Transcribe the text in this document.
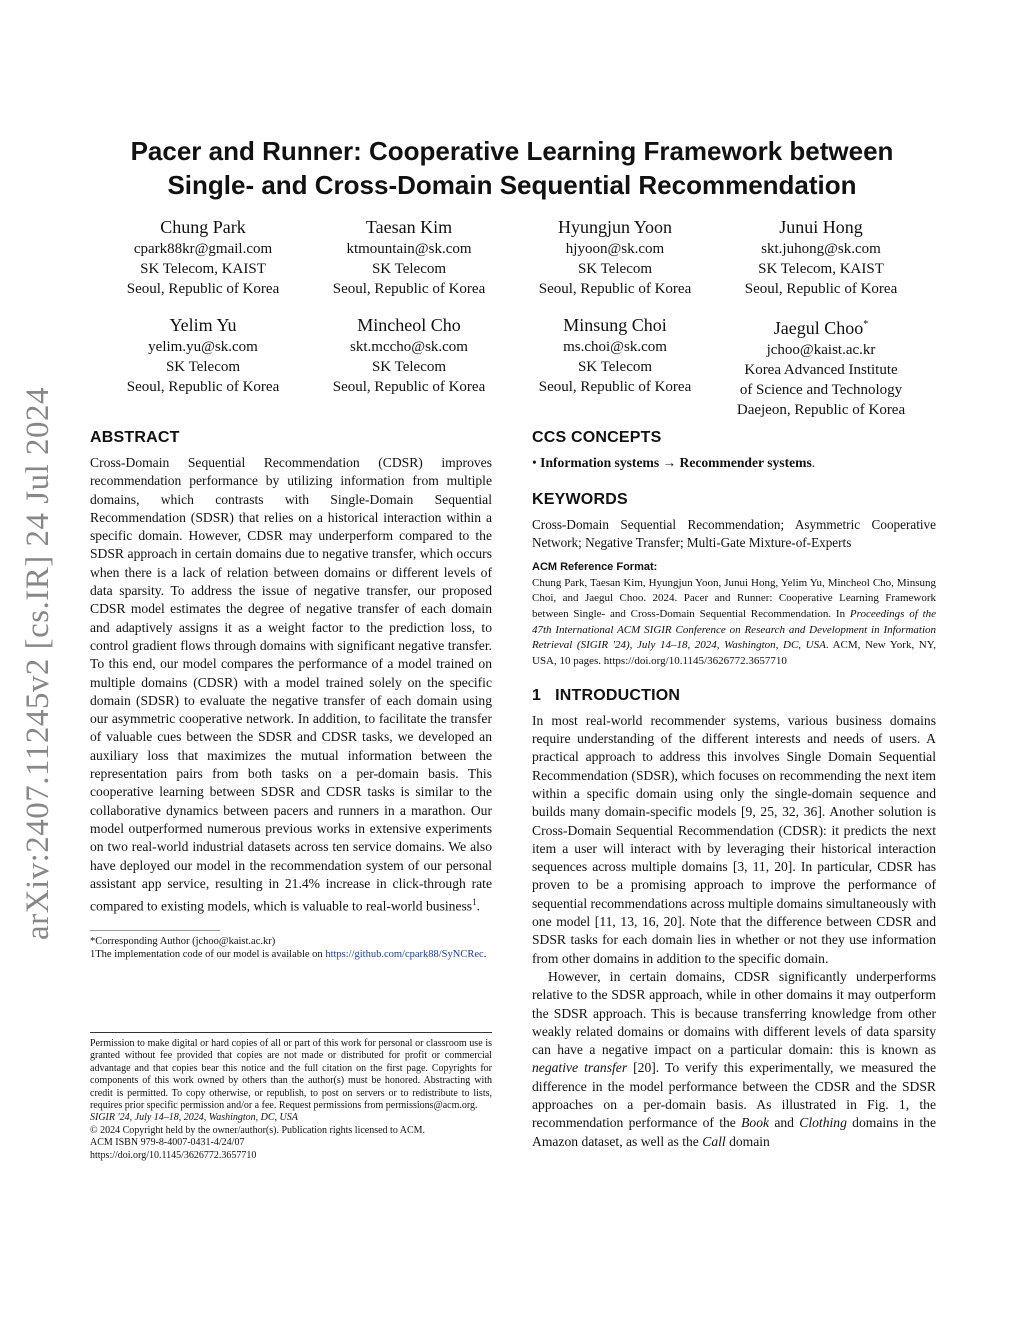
arXiv:2407.11245v2 [cs.IR] 24 Jul 2024
Pacer and Runner: Cooperative Learning Framework between
Single- and Cross-Domain Sequential Recommendation
Chung Park
cpark88kr@gmail.com
SK Telecom, KAIST
Seoul, Republic of Korea
Taesan Kim
ktmountain@sk.com
SK Telecom
Seoul, Republic of Korea
Hyungjun Yoon
hjyoon@sk.com
SK Telecom
Seoul, Republic of Korea
Junui Hong
skt.juhong@sk.com
SK Telecom, KAIST
Seoul, Republic of Korea
Yelim Yu
yelim.yu@sk.com
SK Telecom
Seoul, Republic of Korea
Mincheol Cho
skt.mccho@sk.com
SK Telecom
Seoul, Republic of Korea
Minsung Choi
ms.choi@sk.com
SK Telecom
Seoul, Republic of Korea
Jaegul Choo*
jchoo@kaist.ac.kr
Korea Advanced Institute
of Science and Technology
Daejeon, Republic of Korea
ABSTRACT

Cross-Domain Sequential Recommendation (CDSR) improves recommendation performance by utilizing information from multiple domains, which contrasts with Single-Domain Sequential Recommendation (SDSR) that relies on a historical interaction within a specific domain. However, CDSR may underperform compared to the SDSR approach in certain domains due to negative transfer, which occurs when there is a lack of relation between domains or different levels of data sparsity. To address the issue of negative transfer, our proposed CDSR model estimates the degree of negative transfer of each domain and adaptively assigns it as a weight factor to the prediction loss, to control gradient flows through domains with significant negative transfer. To this end, our model compares the performance of a model trained on multiple domains (CDSR) with a model trained solely on the specific domain (SDSR) to evaluate the negative transfer of each domain using our asymmetric cooperative network. In addition, to facilitate the transfer of valuable cues between the SDSR and CDSR tasks, we developed an auxiliary loss that maximizes the mutual information between the representation pairs from both tasks on a per-domain basis. This cooperative learning between SDSR and CDSR tasks is similar to the collaborative dynamics between pacers and runners in a marathon. Our model outperformed numerous previous works in extensive experiments on two real-world industrial datasets across ten service domains. We also have deployed our model in the recommendation system of our personal assistant app service, resulting in 21.4% increase in click-through rate compared to existing models, which is valuable to real-world business$^1$.

*Corresponding Author (jchoo@kaist.ac.kr)

1The implementation code of our model is available on https://github.com/cpark88/SyNCRec.

Permission to make digital or hard copies of all or part of this work for personal or classroom use is granted without fee provided that copies are not made or distributed for profit or commercial advantage and that copies bear this notice and the full citation on the first page. Copyrights for components of this work owned by others than the author(s) must be honored. Abstracting with credit is permitted. To copy otherwise, or republish, to post on servers or to redistribute to lists, requires prior specific permission and/or a fee. Request permissions from permissions@acm.org.

SIGIR '24, July 14–18, 2024, Washington, DC, USA

© 2024 Copyright held by the owner/author(s). Publication rights licensed to ACM.

ACM ISBN 979-8-4007-0431-4/24/07

https://doi.org/10.1145/3626772.3657710

CCS CONCEPTS

• Information systems → Recommender systems.

KEYWORDS

Cross-Domain Sequential Recommendation; Asymmetric Cooperative Network; Negative Transfer; Multi-Gate Mixture-of-Experts

ACM Reference Format:

Chung Park, Taesan Kim, Hyungjun Yoon, Junui Hong, Yelim Yu, Mincheol Cho, Minsung Choi, and Jaegul Choo. 2024. Pacer and Runner: Cooperative Learning Framework between Single- and Cross-Domain Sequential Recommendation. In Proceedings of the 47th International ACM SIGIR Conference on Research and Development in Information Retrieval (SIGIR '24), July 14–18, 2024, Washington, DC, USA. ACM, New York, NY, USA, 10 pages. https://doi.org/10.1145/3626772.3657710

1 INTRODUCTION

In most real-world recommender systems, various business domains require understanding of the different interests and needs of users. A practical approach to address this involves Single Domain Sequential Recommendation (SDSR), which focuses on recommending the next item within a specific domain using only the single-domain sequence and builds many domain-specific models [9, 25, 32, 36]. Another solution is Cross-Domain Sequential Recommendation (CDSR): it predicts the next item a user will interact with by leveraging their historical interaction sequences across multiple domains [3, 11, 20]. In particular, CDSR has proven to be a promising approach to improve the performance of sequential recommendations across multiple domains simultaneously with one model [11, 13, 16, 20]. Note that the difference between CDSR and SDSR tasks for each domain lies in whether or not they use information from other domains in addition to the specific domain.

However, in certain domains, CDSR significantly underperforms relative to the SDSR approach, while in other domains it may outperform the SDSR approach. This is because transferring knowledge from other weakly related domains or domains with different levels of data sparsity can have a negative impact on a particular domain: this is known as negative transfer [20]. To verify this experimentally, we measured the difference in the model performance between the CDSR and the SDSR approaches on a per-domain basis. As illustrated in Fig. 1, the recommendation performance of the Book and Clothing domains in the Amazon dataset, as well as the Call domain
